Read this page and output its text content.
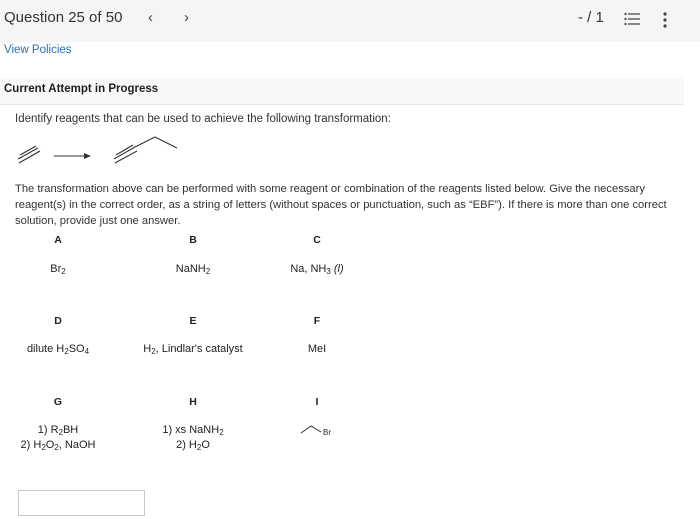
Question 25 of 50 ‹ ›	- / 1
View Policies
Current Attempt in Progress
Identify reagents that can be used to achieve the following transformation:
The transformation above can be performed with some reagent or combination of the reagents listed below. Give the necessary reagent(s) in the correct order, as a string of letters (without spaces or punctuation, such as “EBF”). If there is more than one correct solution, provide just one answer.
A
$Br_2$
B
NaNH$_2$
C
Na, $NH_3$ (l)
D
dilute $H_2SO_4$
E
$H_2$, Lindlar's catalyst
F
MeI
G
1) $R_2BH$
2) $H_2O_2$, NaOH
H
1) xs NaNH$_2$
2) $H_2O$
I
Br
